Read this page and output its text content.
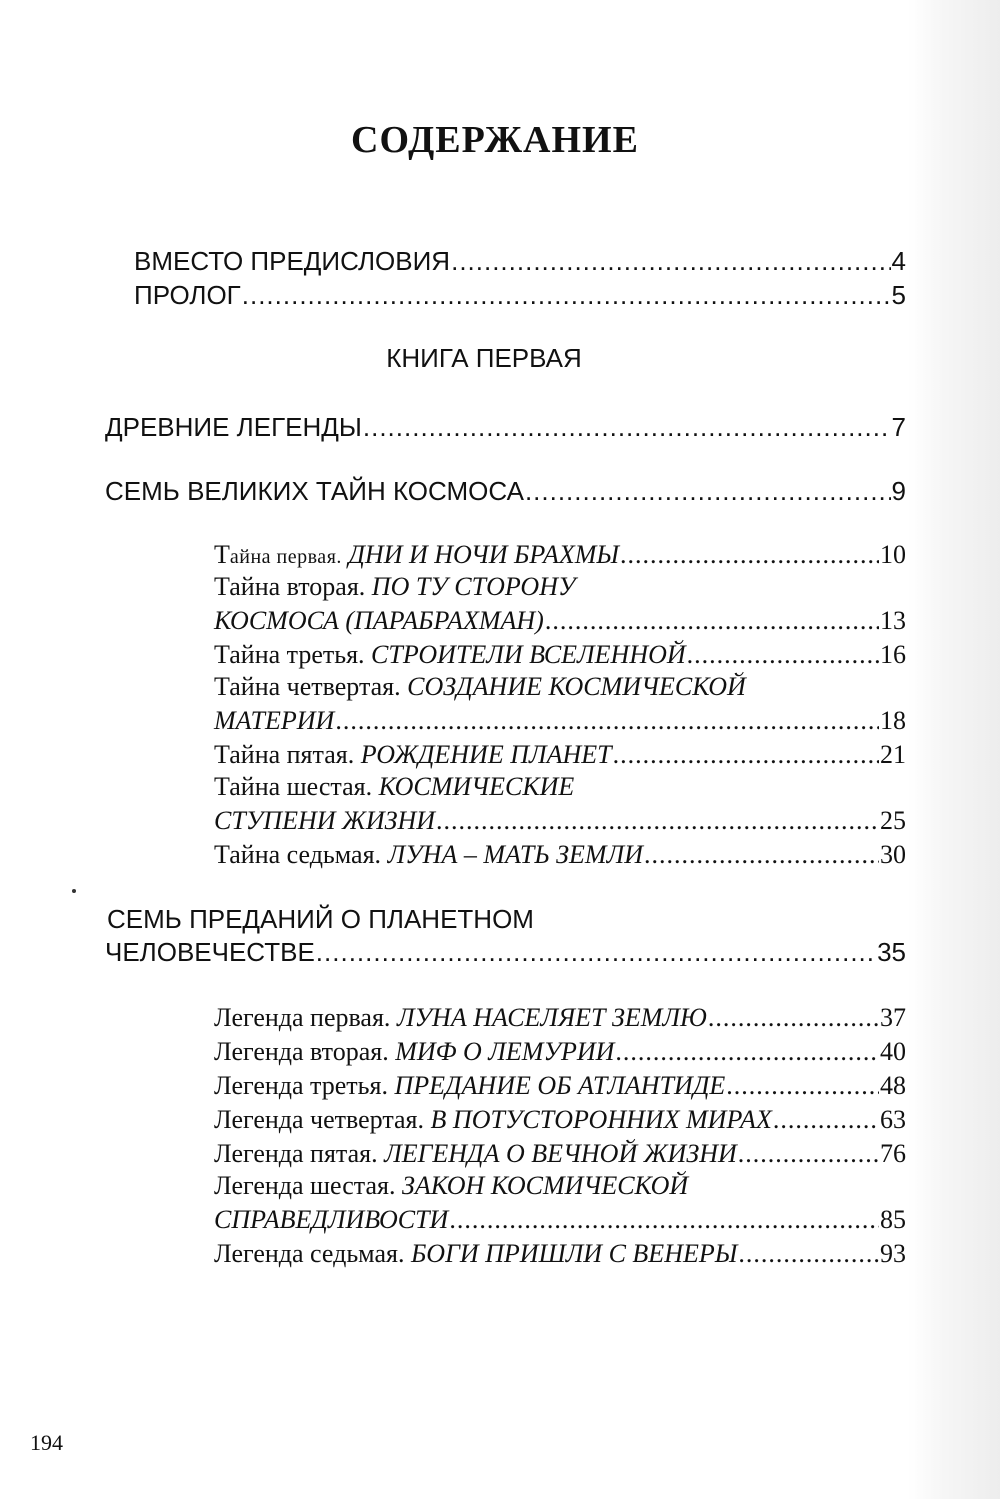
СОДЕРЖАНИЕ
ВМЕСТО ПРЕДИСЛОВИЯ .....	4
ПРОЛОГ .....	5
КНИГА ПЕРВАЯ
ДРЕВНИЕ ЛЕГЕНДЫ .....	7
СЕМЬ ВЕЛИКИХ ТАЙН КОСМОСА .....	9
Тайна первая. ДНИ И НОЧИ БРАХМЫ .....	10
Тайна вторая. ПО ТУ СТОРОНУ
КОСМОСА (ПАРАБРАХМАН) .....	13
Тайна третья. СТРОИТЕЛИ ВСЕЛЕННОЙ .....	16
Тайна четвертая. СОЗДАНИЕ КОСМИЧЕСКОЙ
МАТЕРИИ .....	18
Тайна пятая. РОЖДЕНИЕ ПЛАНЕТ .....	21
Тайна шестая. КОСМИЧЕСКИЕ
СТУПЕНИ ЖИЗНИ .....	25
Тайна седьмая. ЛУНА – МАТЬ ЗЕМЛИ .....	30
СЕМЬ ПРЕДАНИЙ О ПЛАНЕТНОМ
ЧЕЛОВЕЧЕСТВЕ .....	35
Легенда первая. ЛУНА НАСЕЛЯЕТ ЗЕМЛЮ .....	37
Легенда вторая. МИФ О ЛЕМУРИИ .....	40
Легенда третья. ПРЕДАНИЕ ОБ АТЛАНТИДЕ .....	48
Легенда четвертая. В ПОТУСТОРОННИХ МИРАХ .....	63
Легенда пятая. ЛЕГЕНДА О ВЕЧНОЙ ЖИЗНИ .....	76
Легенда шестая. ЗАКОН КОСМИЧЕСКОЙ
СПРАВЕДЛИВОСТИ .....	85
Легенда седьмая. БОГИ ПРИШЛИ С ВЕНЕРЫ .....	93
194
